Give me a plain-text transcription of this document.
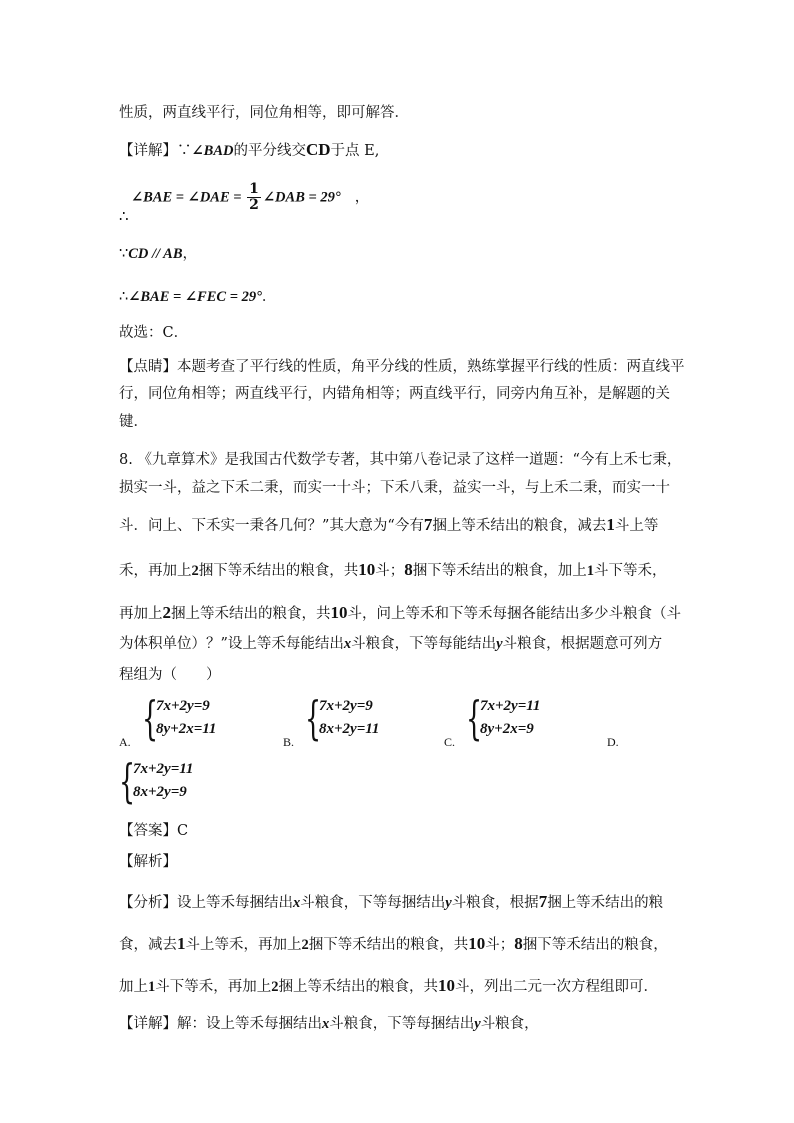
性质，两直线平行，同位角相等，即可解答．
【详解】∵∠BAD的平分线交CD于点 E,
∠BAE = ∠DAE = $\frac{1}{2}$ ∠DAB = 29° ，
∴
∵CD // AB，
∴∠BAE = ∠FEC = 29°．
故选：C．
【点睛】本题考查了平行线的性质，角平分线的性质，熟练掌握平行线的性质：两直线平
行，同位角相等；两直线平行，内错角相等；两直线平行，同旁内角互补，是解题的关
键．
8. 《九章算术》是我国古代数学专著，其中第八卷记录了这样一道题：“今有上禾七秉，
损实一斗，益之下禾二秉，而实一十斗；下禾八秉，益实一斗，与上禾二秉，而实一十
斗．问上、下禾实一秉各几何？”其大意为“今有7捆上等禾结出的粮食，减去1斗上等
禾，再加上2捆下等禾结出的粮食，共10斗；8捆下等禾结出的粮食，加上1斗下等禾，
再加上2捆上等禾结出的粮食，共10斗，问上等禾和下等禾每捆各能结出多少斗粮食（斗
为体积单位）？”设上等禾每能结出x斗粮食，下等每能结出y斗粮食，根据题意可列方
程组为（　　）
A. {
7x+2y=9
8y+2x=11
B. {
7x+2y=9
8x+2y=11
C. {
7x+2y=11
8y+2x=9
D.
{
7x+2y=11
8x+2y=9
【答案】C
【解析】
【分析】设上等禾每捆结出x斗粮食，下等每捆结出y斗粮食，根据7捆上等禾结出的粮
食，减去1斗上等禾，再加上2捆下等禾结出的粮食，共10斗；8捆下等禾结出的粮食，
加上1斗下等禾，再加上2捆上等禾结出的粮食，共10斗，列出二元一次方程组即可．
【详解】解：设上等禾每捆结出x斗粮食，下等每捆结出y斗粮食，
